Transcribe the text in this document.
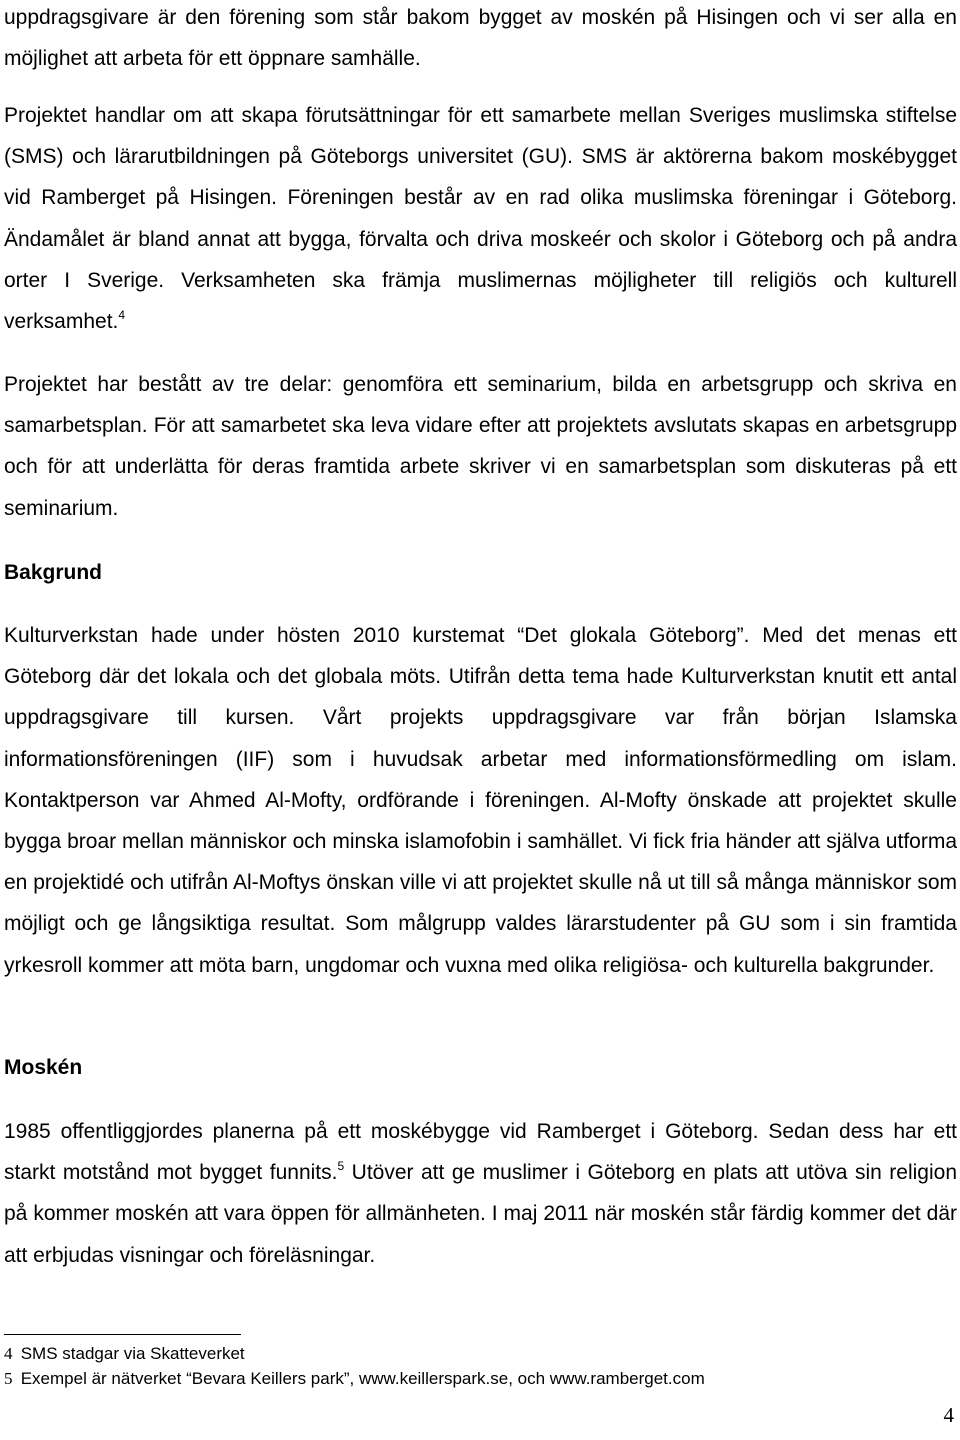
uppdragsgivare är den förening som står bakom bygget av moskén på Hisingen och vi ser alla en möjlighet att arbeta för ett öppnare samhälle.

Projektet handlar om att skapa förutsättningar för ett samarbete mellan Sveriges muslimska stiftelse (SMS) och lärarutbildningen på Göteborgs universitet (GU). SMS är aktörerna bakom moskébygget vid Ramberget på Hisingen. Föreningen består av en rad olika muslimska föreningar i Göteborg. Ändamålet är bland annat att bygga, förvalta och driva moskeér och skolor i Göteborg och på andra orter I Sverige. Verksamheten ska främja muslimernas möjligheter till religiös och kulturell verksamhet.$^4$

Projektet har bestått av tre delar: genomföra ett seminarium, bilda en arbetsgrupp och skriva en samarbetsplan. För att samarbetet ska leva vidare efter att projektets avslutats skapas en arbetsgrupp och för att underlätta för deras framtida arbete skriver vi en samarbetsplan som diskuteras på ett seminarium.

Bakgrund

Kulturverkstan hade under hösten 2010 kurstemat “Det glokala Göteborg”. Med det menas ett Göteborg där det lokala och det globala möts. Utifrån detta tema hade Kulturverkstan knutit ett antal uppdragsgivare till kursen. Vårt projekts uppdragsgivare var från början Islamska informationsföreningen (IIF) som i huvudsak arbetar med informationsförmedling om islam. Kontaktperson var Ahmed Al-Mofty, ordförande i föreningen. Al-Mofty önskade att projektet skulle bygga broar mellan människor och minska islamofobin i samhället. Vi fick fria händer att själva utforma en projektidé och utifrån Al-Moftys önskan ville vi att projektet skulle nå ut till så många människor som möjligt och ge långsiktiga resultat. Som målgrupp valdes lärarstudenter på GU som i sin framtida yrkesroll kommer att möta barn, ungdomar och vuxna med olika religiösa- och kulturella bakgrunder.

Moskén

1985 offentliggjordes planerna på ett moskébygge vid Ramberget i Göteborg. Sedan dess har ett starkt motstånd mot bygget funnits.$^5$ Utöver att ge muslimer i Göteborg en plats att utöva sin religion på kommer moskén att vara öppen för allmänheten. I maj 2011 när moskén står färdig kommer det där att erbjudas visningar och föreläsningar.

4 SMS stadgar via Skatteverket
5 Exempel är nätverket “Bevara Keillers park”, www.keillerspark.se, och www.ramberget.com
4
